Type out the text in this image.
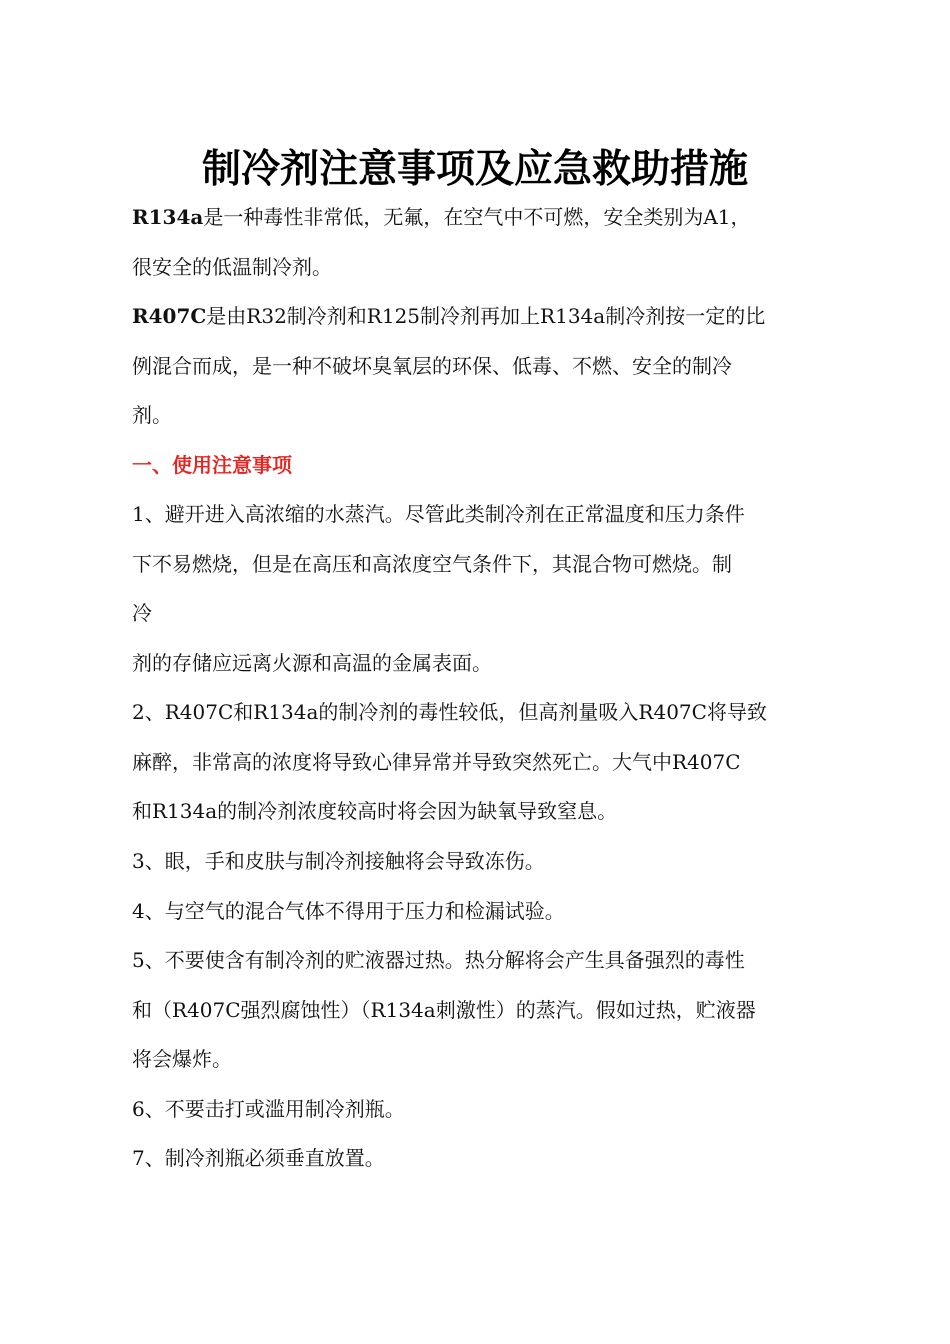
制冷剂注意事项及应急救助措施
R134a是一种毒性非常低，无氟，在空气中不可燃，安全类别为A1，
很安全的低温制冷剂。
R407C是由R32制冷剂和R125制冷剂再加上R134a制冷剂按一定的比
例混合而成，是一种不破坏臭氧层的环保、低毒、不燃、安全的制冷
剂。
一、使用注意事项
1、避开进入高浓缩的水蒸汽。尽管此类制冷剂在正常温度和压力条件
下不易燃烧，但是在高压和高浓度空气条件下，其混合物可燃烧。制
冷
剂的存储应远离火源和高温的金属表面。
2、R407C和R134a的制冷剂的毒性较低，但高剂量吸入R407C将导致
麻醉，非常高的浓度将导致心律异常并导致突然死亡。大气中R407C
和R134a的制冷剂浓度较高时将会因为缺氧导致窒息。
3、眼，手和皮肤与制冷剂接触将会导致冻伤。
4、与空气的混合气体不得用于压力和检漏试验。
5、不要使含有制冷剂的贮液器过热。热分解将会产生具备强烈的毒性
和（R407C强烈腐蚀性）（R134a刺激性）的蒸汽。假如过热，贮液器
将会爆炸。
6、不要击打或滥用制冷剂瓶。
7、制冷剂瓶必须垂直放置。
